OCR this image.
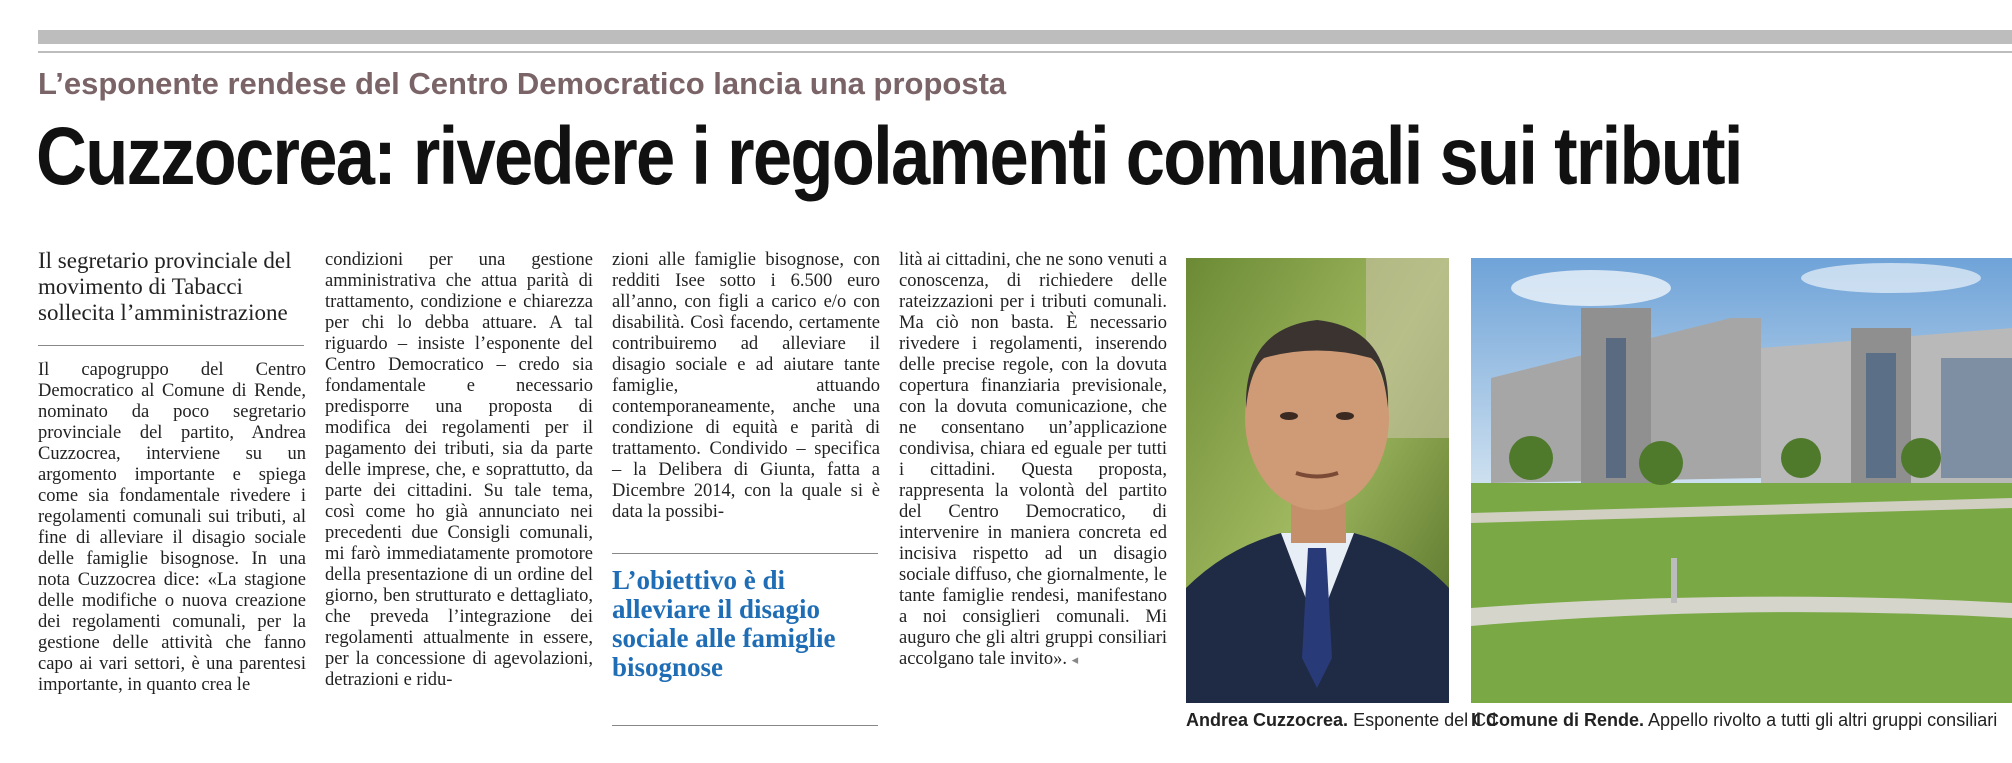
L’esponente rendese del Centro Democratico lancia una proposta
Cuzzocrea: rivedere i regolamenti comunali sui tributi
Il segretario provinciale del movimento di Tabacci sollecita l’amministrazione

Il capogruppo del Centro Democratico al Comune di Rende, nominato da poco segretario provinciale del partito, Andrea Cuzzocrea, interviene su un argomento importante e spiega come sia fondamentale rivedere i regolamenti comunali sui tributi, al fine di alleviare il disagio sociale delle famiglie bisognose. In una nota Cuzzocrea dice: «La stagione delle modifiche o nuova creazione dei regolamenti comunali, per la gestione delle attività che fanno capo ai vari settori, è una parentesi importante, in quanto crea le

condizioni per una gestione amministrativa che attua parità di trattamento, condizione e chiarezza per chi lo debba attuare. A tal riguardo – insiste l’esponente del Centro Democratico – credo sia fondamentale e necessario predisporre una proposta di modifica dei regolamenti per il pagamento dei tributi, sia da parte delle imprese, che, e soprattutto, da parte dei cittadini. Su tale tema, così come ho già annunciato nei precedenti due Consigli comunali, mi farò immediatamente promotore della presentazione di un ordine del giorno, ben strutturato e dettagliato, che preveda l’integrazione dei regolamenti attualmente in essere, per la concessione di agevolazioni, detrazioni e ridu-

zioni alle famiglie bisognose, con redditi Isee sotto i 6.500 euro all’anno, con figli a carico e/o con disabilità. Così facendo, certamente contribuiremo ad alleviare il disagio sociale e ad aiutare tante famiglie, attuando contemporaneamente, anche una condizione di equità e parità di trattamento. Condivido – specifica – la Delibera di Giunta, fatta a Dicembre 2014, con la quale si è data la possibi-

L’obiettivo è di alleviare il disagio sociale alle famiglie bisognose

lità ai cittadini, che ne sono venuti a conoscenza, di richiedere delle rateizzazioni per i tributi comunali. Ma ciò non basta. È necessario rivedere i regolamenti, inserendo delle precise regole, con la dovuta copertura finanziaria previsionale, con la dovuta comunicazione, che ne consentano un’applicazione condivisa, chiara ed eguale per tutti i cittadini. Questa proposta, rappresenta la volontà del partito del Centro Democratico, di intervenire in maniera concreta ed incisiva rispetto ad un disagio sociale diffuso, che giornalmente, le tante famiglie rendesi, manifestano a noi consiglieri comunali. Mi auguro che gli altri gruppi consiliari accolgano tale invito». ◂

Andrea Cuzzocrea. Esponente del Cd
Il Comune di Rende. Appello rivolto a tutti gli altri gruppi consiliari
